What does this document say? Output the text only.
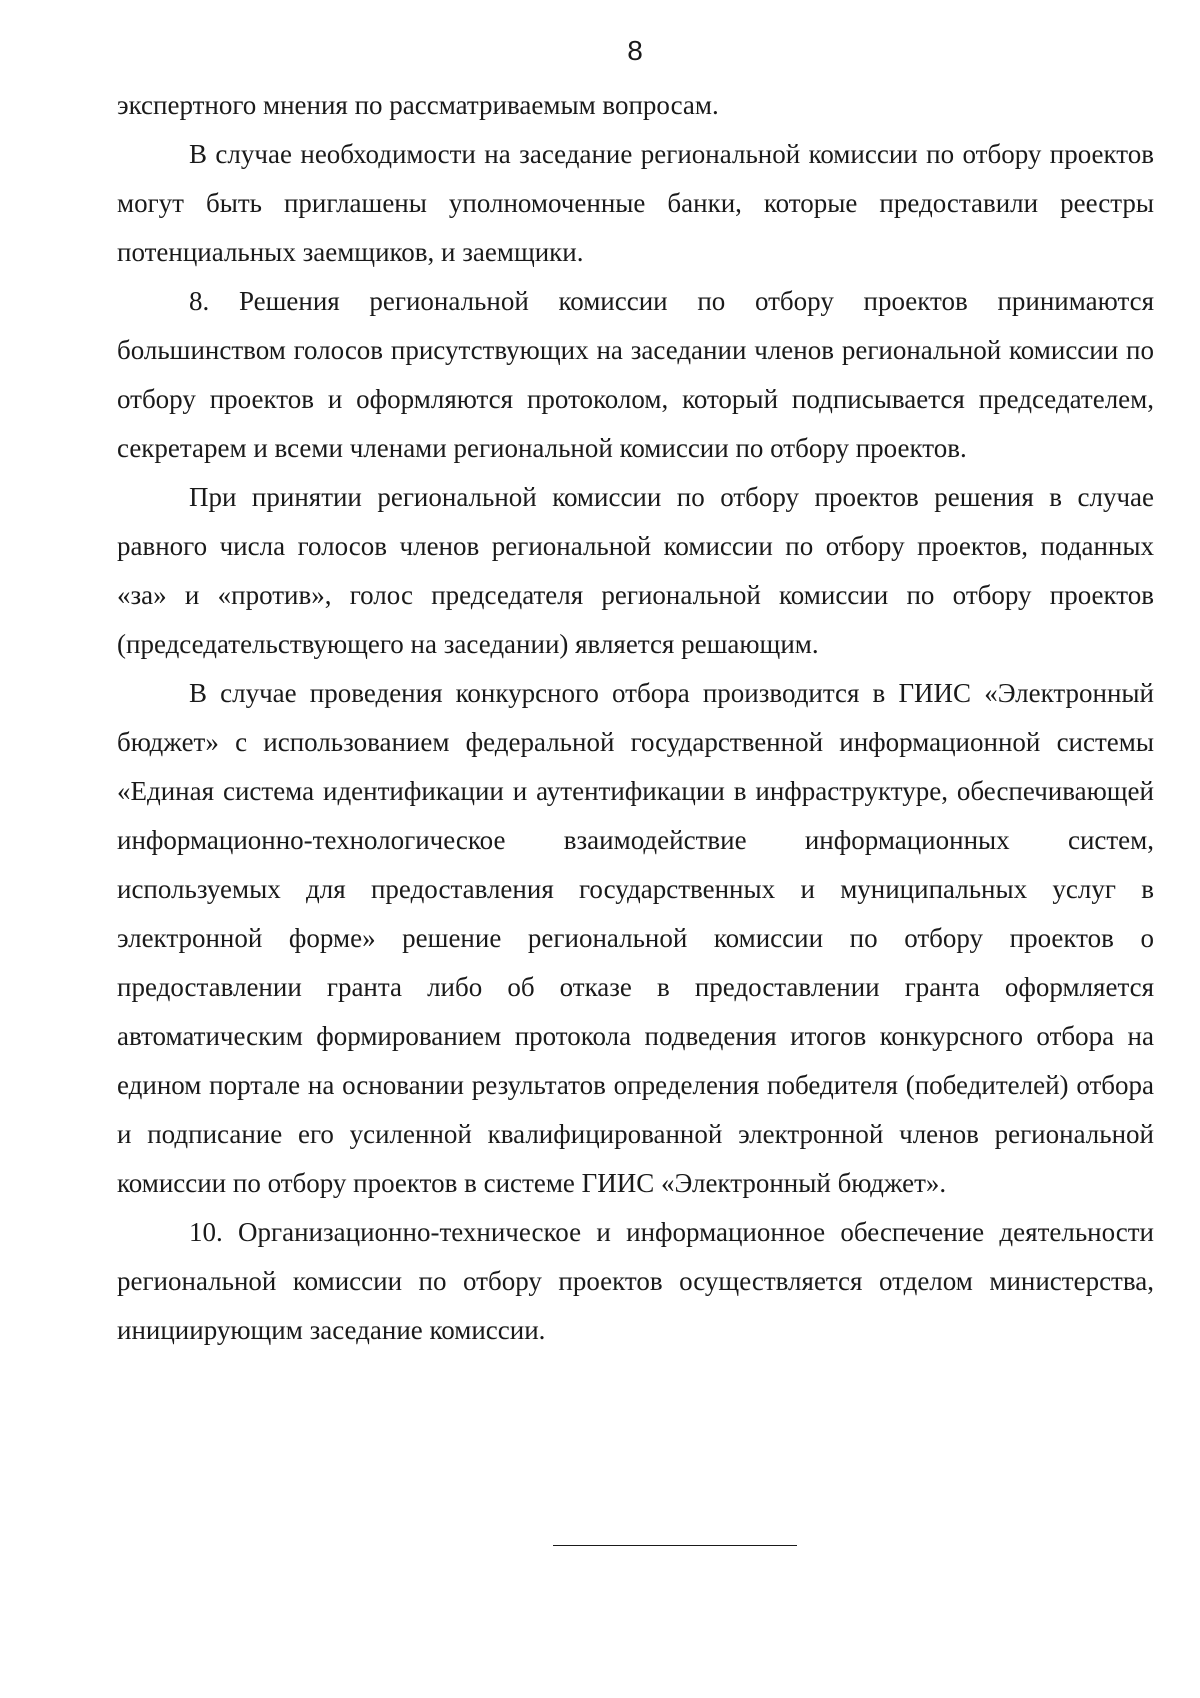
8

экспертного мнения по рассматриваемым вопросам.

В случае необходимости на заседание региональной комиссии по отбору проектов могут быть приглашены уполномоченные банки, которые предоставили реестры потенциальных заемщиков, и заемщики.

8. Решения региональной комиссии по отбору проектов принимаются большинством голосов присутствующих на заседании членов региональной комиссии по отбору проектов и оформляются протоколом, который подписывается председателем, секретарем и всеми членами региональной комиссии по отбору проектов.

При принятии региональной комиссии по отбору проектов решения в случае равного числа голосов членов региональной комиссии по отбору проектов, поданных «за» и «против», голос председателя региональной комиссии по отбору проектов (председательствующего на заседании) является решающим.

В случае проведения конкурсного отбора производится в ГИИС «Электронный бюджет» с использованием федеральной государственной информационной системы «Единая система идентификации и аутентификации в инфраструктуре, обеспечивающей информационно-технологическое взаимодействие информационных систем, используемых для предоставления государственных и муниципальных услуг в электронной форме» решение региональной комиссии по отбору проектов о предоставлении гранта либо об отказе в предоставлении гранта оформляется автоматическим формированием протокола подведения итогов конкурсного отбора на едином портале на основании результатов определения победителя (победителей) отбора и подписание его усиленной квалифицированной электронной членов региональной комиссии по отбору проектов в системе ГИИС «Электронный бюджет».

10. Организационно-техническое и информационное обеспечение деятельности региональной комиссии по отбору проектов осуществляется отделом министерства, инициирующим заседание комиссии.
